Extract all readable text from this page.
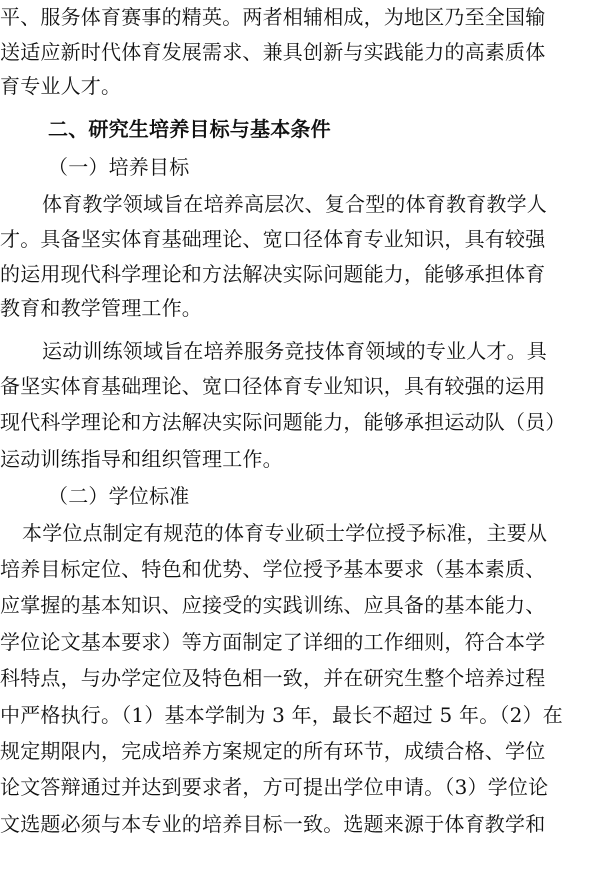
平、服务体育赛事的精英。两者相辅相成，为地区乃至全国输
送适应新时代体育发展需求、兼具创新与实践能力的高素质体
育专业人才。
二、研究生培养目标与基本条件
（一）培养目标
体育教学领域旨在培养高层次、复合型的体育教育教学人
才。具备坚实体育基础理论、宽口径体育专业知识，具有较强
的运用现代科学理论和方法解决实际问题能力，能够承担体育
教育和教学管理工作。
运动训练领域旨在培养服务竞技体育领域的专业人才。具
备坚实体育基础理论、宽口径体育专业知识，具有较强的运用
现代科学理论和方法解决实际问题能力，能够承担运动队（员）
运动训练指导和组织管理工作。
（二）学位标准
本学位点制定有规范的体育专业硕士学位授予标准，主要从
培养目标定位、特色和优势、学位授予基本要求（基本素质、
应掌握的基本知识、应接受的实践训练、应具备的基本能力、
学位论文基本要求）等方面制定了详细的工作细则，符合本学
科特点，与办学定位及特色相一致，并在研究生整个培养过程
中严格执行。（1）基本学制为 3 年，最长不超过 5 年。（2）在
规定期限内，完成培养方案规定的所有环节，成绩合格、学位
论文答辩通过并达到要求者，方可提出学位申请。（3）学位论
文选题必须与本专业的培养目标一致。选题来源于体育教学和
